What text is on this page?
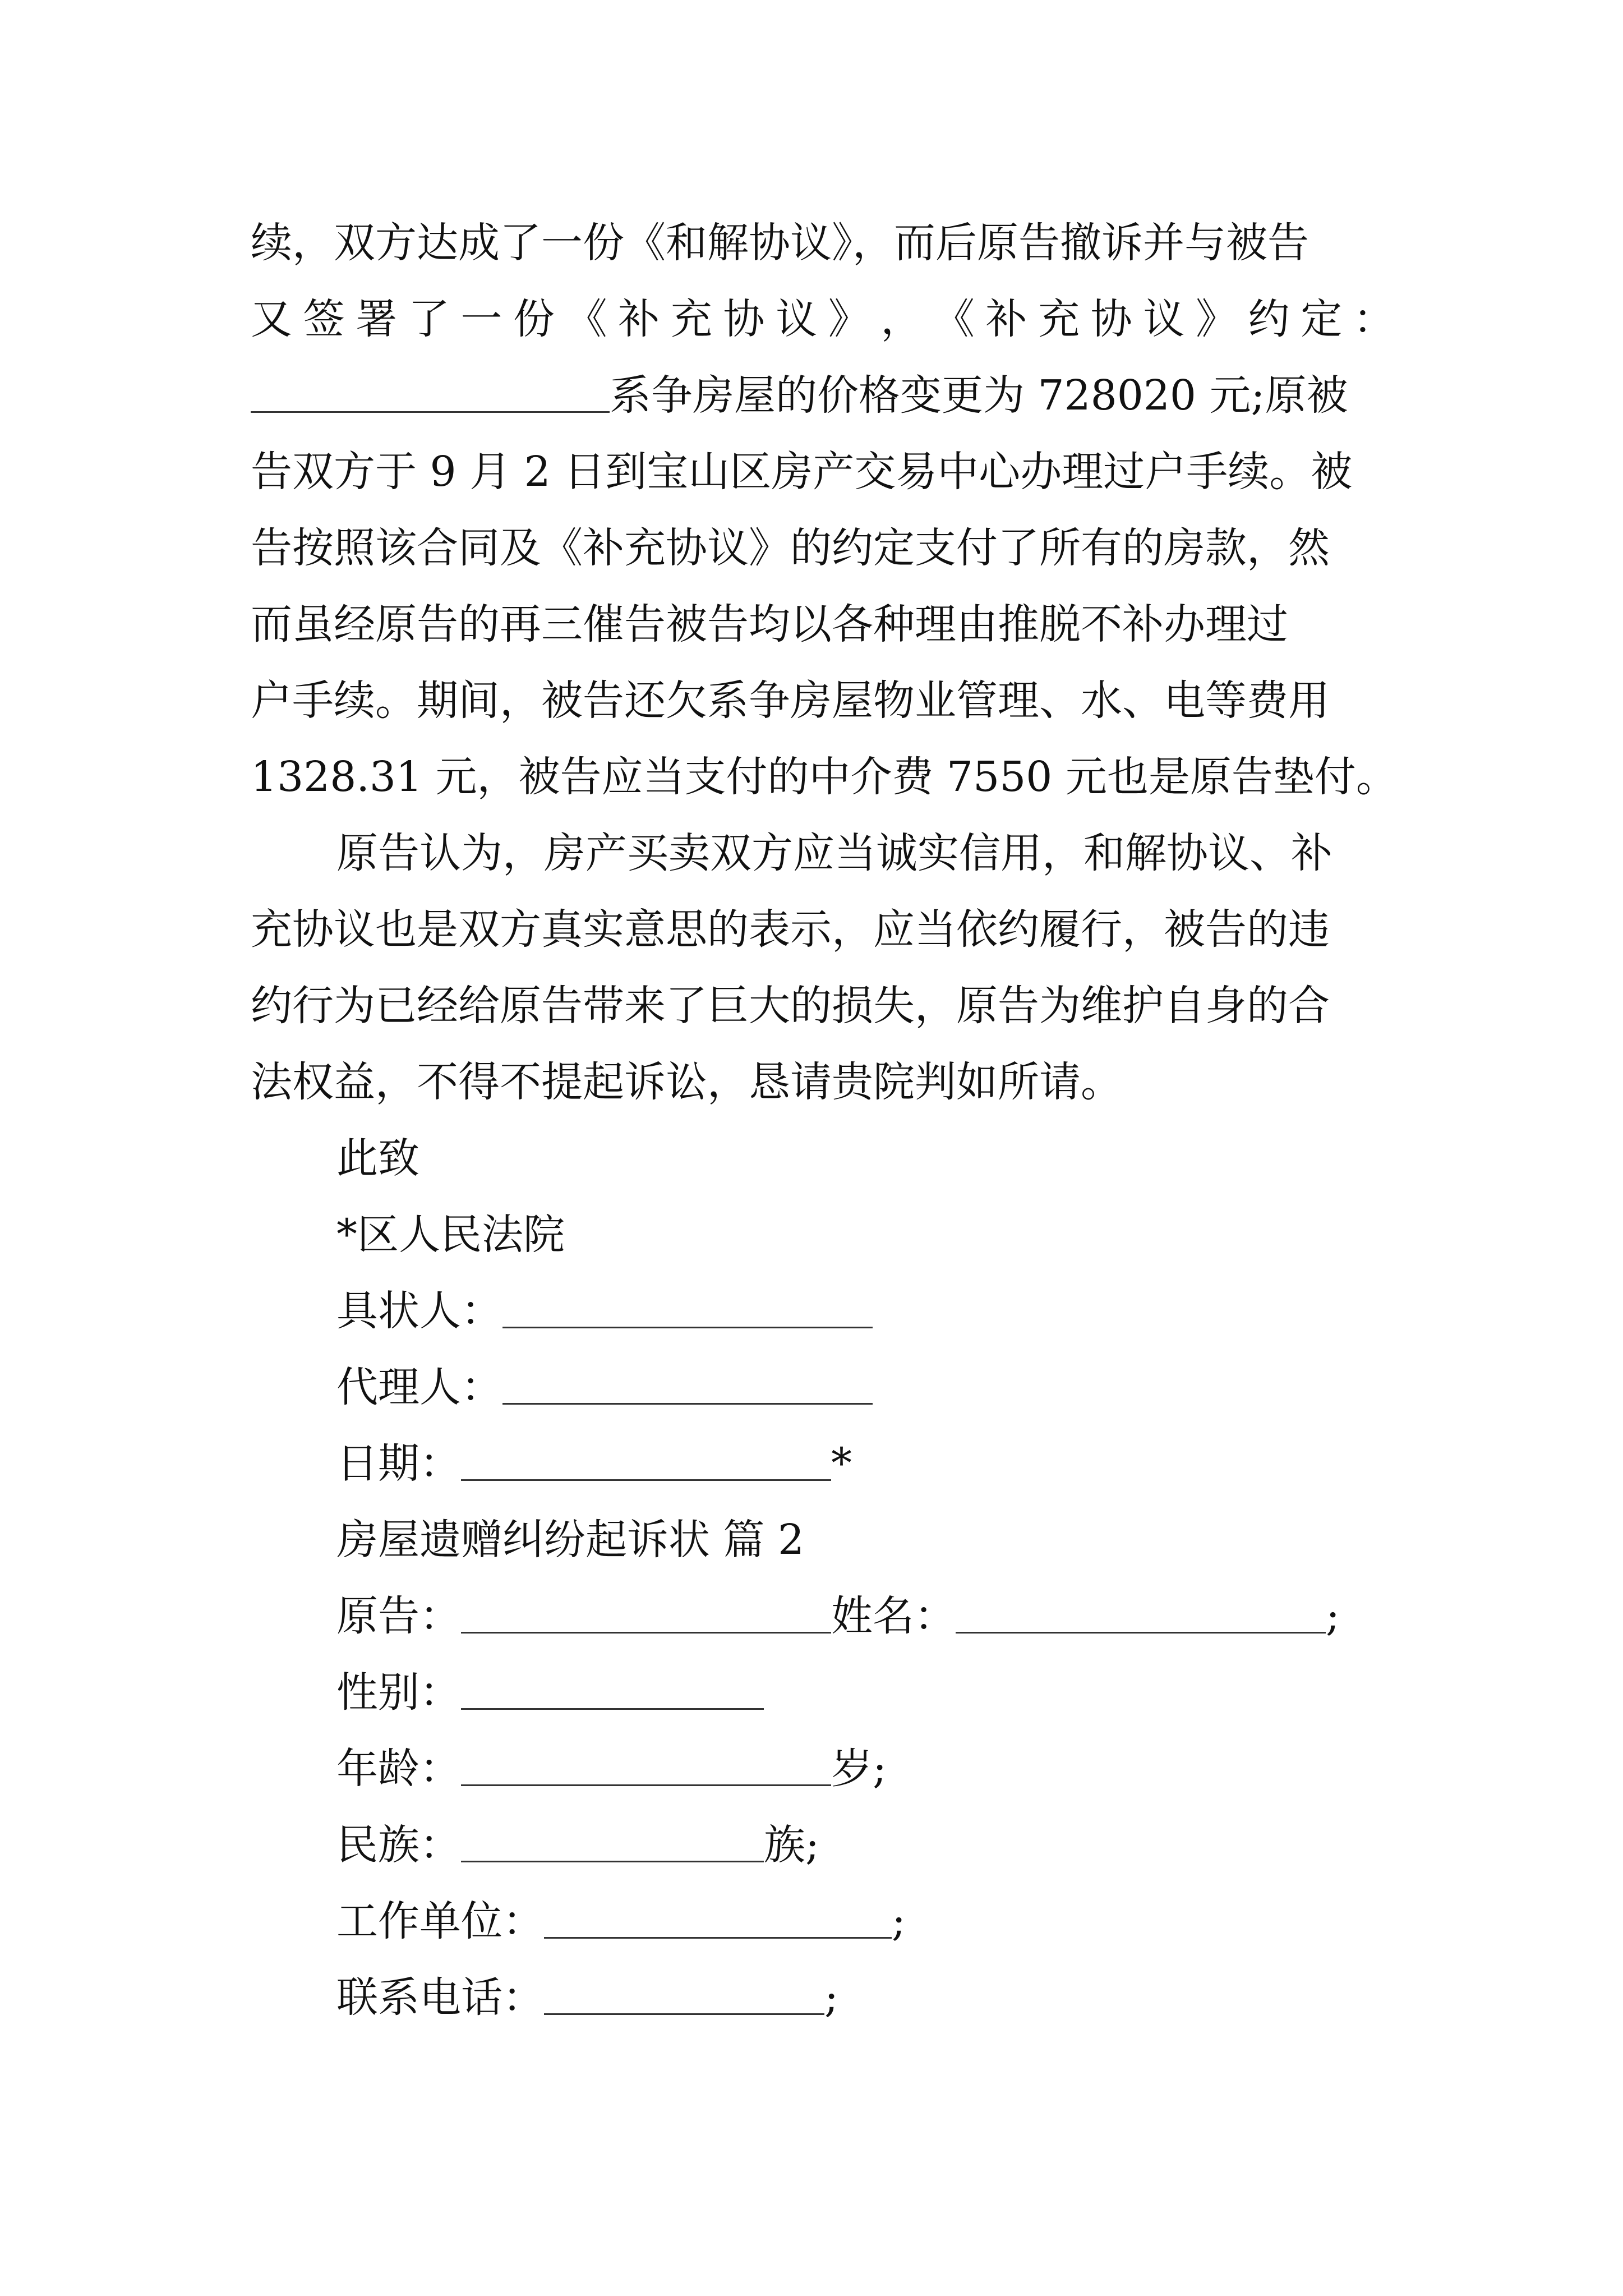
续，双方达成了一份《和解协议》，而后原告撤诉并与被告
又 签 署 了 一 份 《 补 充 协 议 》 ， 《 补 充 协 议 》 约 定 ：
系争房屋的价格变更为 728020 元;原被
告双方于 9 月 2 日到宝山区房产交易中心办理过户手续。被
告按照该合同及《补充协议》的约定支付了所有的房款，然
而虽经原告的再三催告被告均以各种理由推脱不补办理过
户手续。期间，被告还欠系争房屋物业管理、水、电等费用
1328.31 元，被告应当支付的中介费 7550 元也是原告垫付。
原告认为，房产买卖双方应当诚实信用，和解协议、补
充协议也是双方真实意思的表示，应当依约履行，被告的违
约行为已经给原告带来了巨大的损失，原告为维护自身的合
法权益，不得不提起诉讼，恳请贵院判如所请。
此致
*区人民法院
具状人：
代理人：
日期：	*
房屋遗赠纠纷起诉状 篇 2
原告：	姓名：	;
性别：
年龄：	岁;
民族：	族;
工作单位：	;
联系电话：	;
